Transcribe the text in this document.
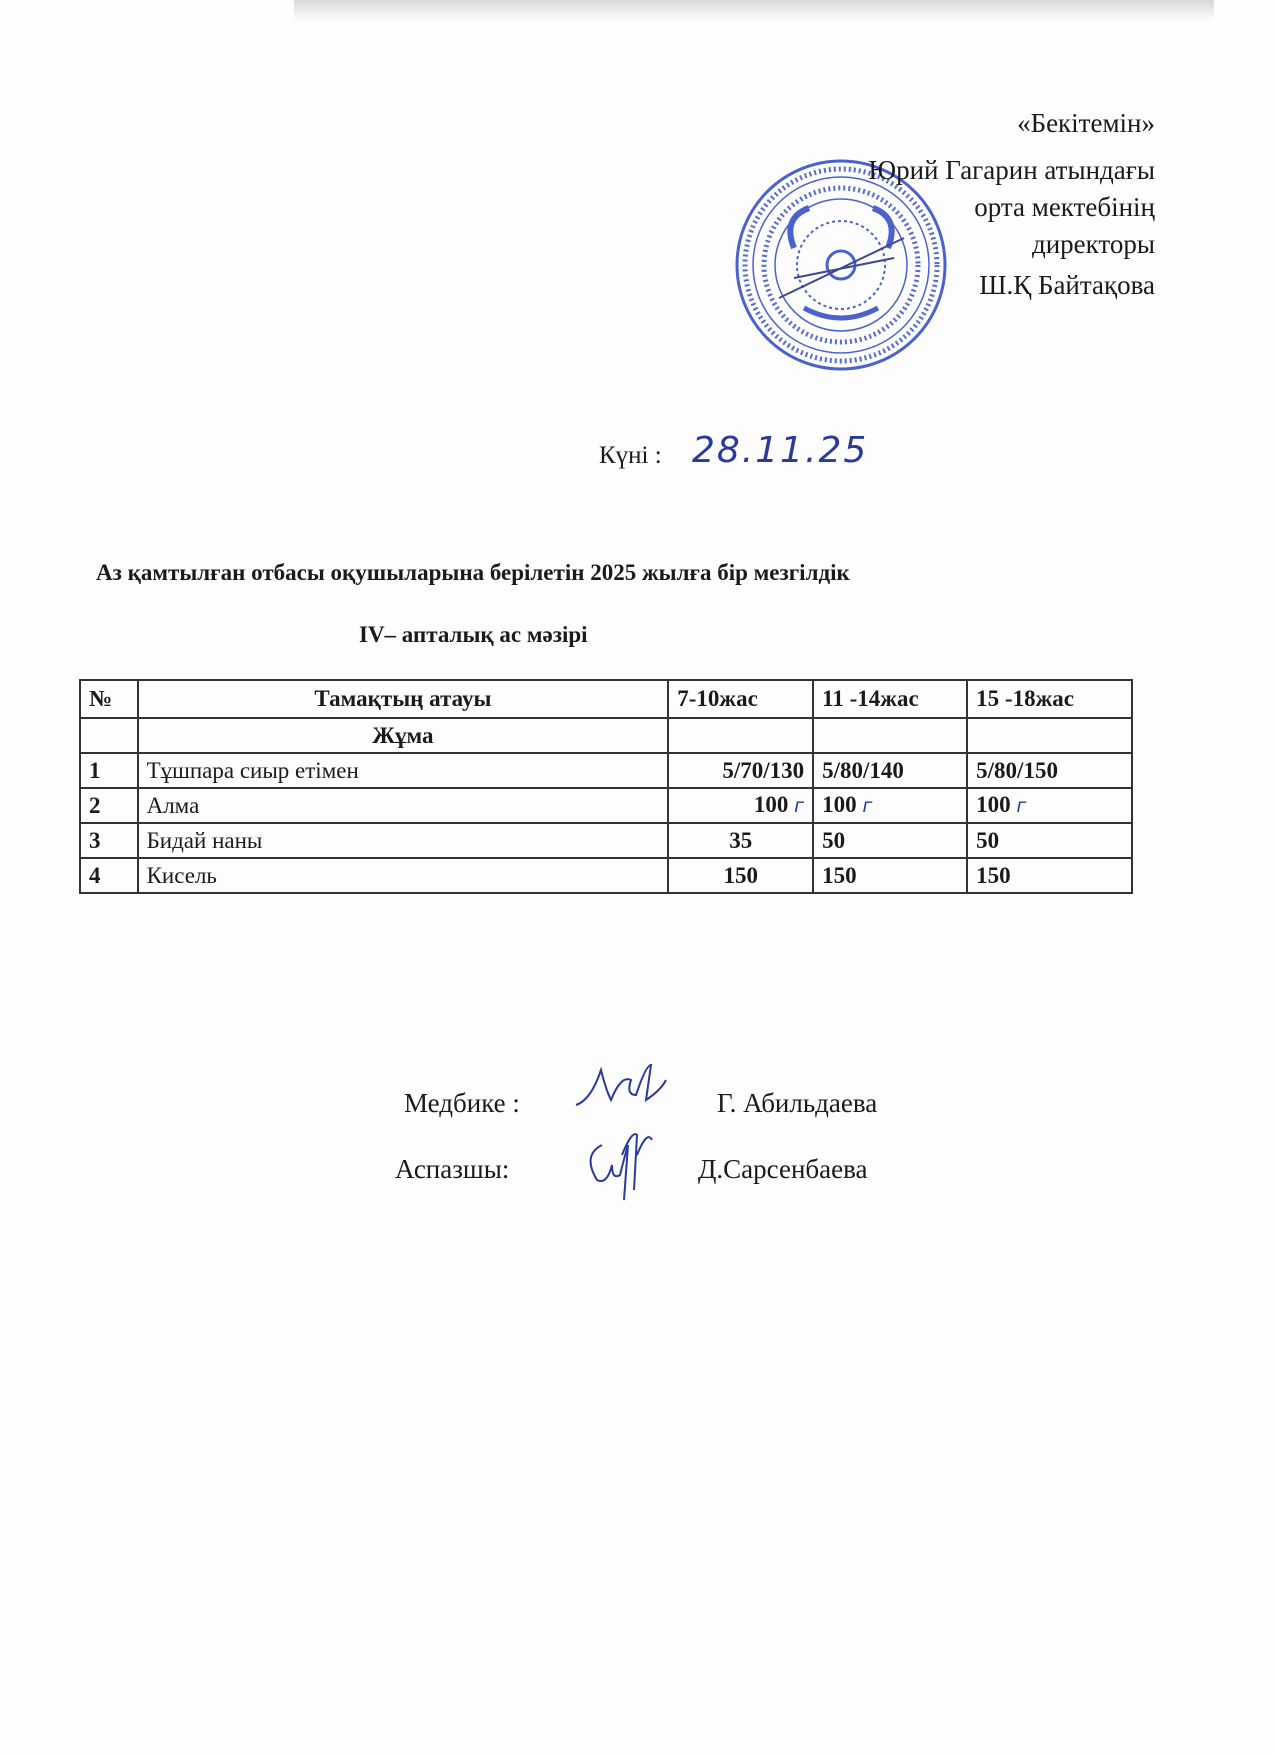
«Бекітемін»
Юрий Гагарин атындағы
орта мектебінің
директоры
Ш.Қ Байтақова
Күні : 28.11.25
Аз қамтылған отбасы оқушыларына берілетін 2025 жылға бір мезгілдік
IV– апталық ас мәзірі
№	Тамақтың атауы	7-10жас	11 -14жас	15 -18жас
	Жұма			
1	Тұшпара сиыр етімен	5/70/130	5/80/140	5/80/150
2	Алма	100 г	100 г	100 г
3	Бидай наны	35	50	50
4	Кисель	150	150	150
Медбике :	Г. Абильдаева
Аспазшы:	Д.Сарсенбаева
